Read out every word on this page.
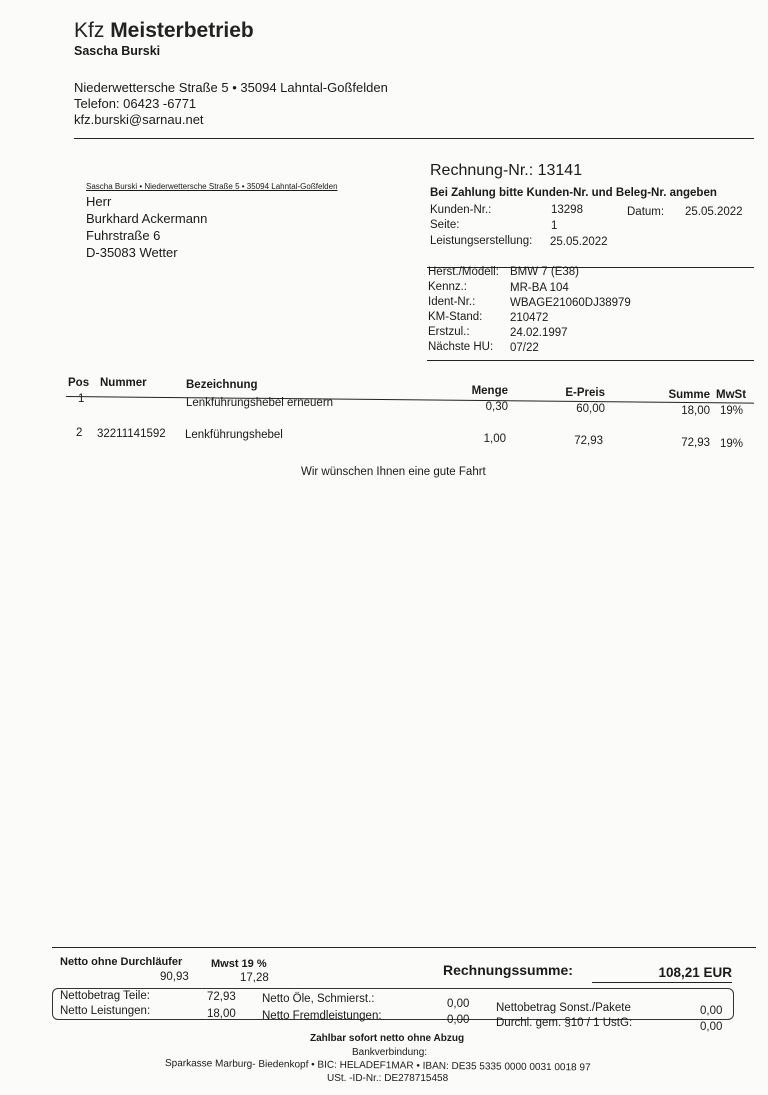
Kfz Meisterbetrieb
Sascha Burski
Niederwettersche Straße 5 • 35094 Lahntal-Goßfelden
Telefon: 06423 -6771
kfz.burski@sarnau.net
Sascha Burski • Niederwettersche Straße 5 • 35094 Lahntal-Goßfelden
Herr
Burkhard Ackermann
Fuhrstraße 6
D-35083 Wetter
Rechnung-Nr.: 13141
Bei Zahlung bitte Kunden-Nr. und Beleg-Nr. angeben
Kunden-Nr.:	13298	Datum: 25.05.2022
Seite:	1
Leistungserstellung: 25.05.2022
Herst./Modell: BMW 7 (E38)
Kennz.:	MR-BA 104
Ident-Nr.:	WBAGE21060DJ38979
KM-Stand: 210472
Erstzul.:	24.02.1997
Nächste HU: 07/22
Pos Nummer	Bezeichnung	Menge	E-Preis	Summe MwSt
1	Lenkführungshebel erneuern	0,30	60,00	18,00 19%
2 32211141592 Lenkführungshebel	1,00	72,93	72,93 19%
Wir wünschen Ihnen eine gute Fahrt
Netto ohne Durchläufer
90,93
Mwst 19 %
17,28	Rechnungssumme:	108,21 EUR
Nettobetrag Teile:	72,93
Netto Leistungen:	18,00
Netto Öle, Schmierst.:	0,00
Netto Fremdleistungen:	0,00
Nettobetrag Sonst./Pakete	0,00
Durchl. gem. §10 / 1 UstG:	0,00
Zahlbar sofort netto ohne Abzug
Bankverbindung:
Sparkasse Marburg- Biedenkopf • BIC: HELADEF1MAR • IBAN: DE35 5335 0000 0031 0018 97
USt. -ID-Nr.: DE278715458
